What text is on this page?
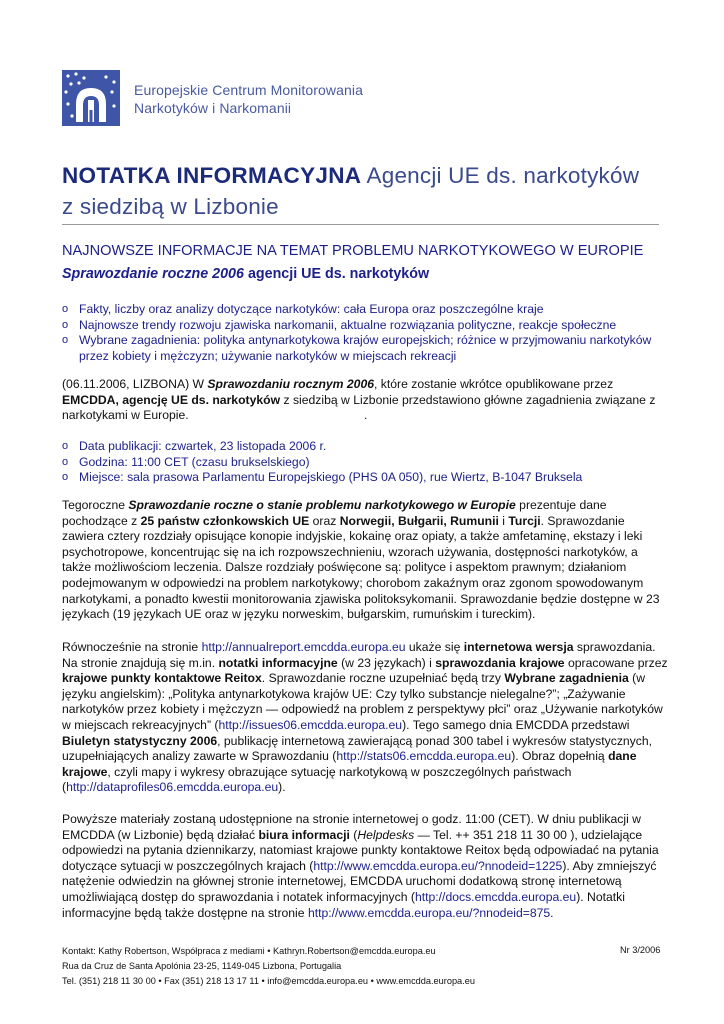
Europejskie Centrum Monitorowania
Narkotyków i Narkomanii
NOTATKA INFORMACYJNA Agencji UE ds. narkotyków
z siedzibą w Lizbonie
NAJNOWSZE INFORMACJE NA TEMAT PROBLEMU NARKOTYKOWEGO W EUROPIE
Sprawozdanie roczne 2006 agencji UE ds. narkotyków
o Fakty, liczby oraz analizy dotyczące narkotyków: cała Europa oraz poszczególne kraje
o Najnowsze trendy rozwoju zjawiska narkomanii, aktualne rozwiązania polityczne, reakcje społeczne
o Wybrane zagadnienia: polityka antynarkotykowa krajów europejskich; różnice w przyjmowaniu narkotyków przez kobiety i mężczyzn; używanie narkotyków w miejscach rekreacji
(06.11.2006, LIZBONA) W Sprawozdaniu rocznym 2006, które zostanie wkrótce opublikowane przez EMCDDA, agencję UE ds. narkotyków z siedzibą w Lizbonie przedstawiono główne zagadnienia związane z narkotykami w Europie.	.
o Data publikacji: czwartek, 23 listopada 2006 r.
o Godzina: 11:00 CET (czasu brukselskiego)
o Miejsce: sala prasowa Parlamentu Europejskiego (PHS 0A 050), rue Wiertz, B-1047 Bruksela
Tegoroczne Sprawozdanie roczne o stanie problemu narkotykowego w Europie prezentuje dane pochodzące z 25 państw członkowskich UE oraz Norwegii, Bułgarii, Rumunii i Turcji. Sprawozdanie zawiera cztery rozdziały opisujące konopie indyjskie, kokainę oraz opiaty, a także amfetaminę, ekstazy i leki psychotropowe, koncentrując się na ich rozpowszechnieniu, wzorach używania, dostępności narkotyków, a także możliwościom leczenia. Dalsze rozdziały poświęcone są: polityce i aspektom prawnym; działaniom podejmowanym w odpowiedzi na problem narkotykowy; chorobom zakaźnym oraz zgonom spowodowanym narkotykami, a ponadto kwestii monitorowania zjawiska politoksykomanii. Sprawozdanie będzie dostępne w 23 językach (19 językach UE oraz w języku norweskim, bułgarskim, rumuńskim i tureckim).
Równocześnie na stronie http://annualreport.emcdda.europa.eu ukaże się internetowa wersja sprawozdania. Na stronie znajdują się m.in. notatki informacyjne (w 23 językach) i sprawozdania krajowe opracowane przez krajowe punkty kontaktowe Reitox. Sprawozdanie roczne uzupełniać będą trzy Wybrane zagadnienia (w języku angielskim): „Polityka antynarkotykowa krajów UE: Czy tylko substancje nielegalne?”; „Zażywanie narkotyków przez kobiety i mężczyzn — odpowiedź na problem z perspektywy płci” oraz „Używanie narkotyków w miejscach rekreacyjnych” (http://issues06.emcdda.europa.eu). Tego samego dnia EMCDDA przedstawi Biuletyn statystyczny 2006, publikację internetową zawierającą ponad 300 tabel i wykresów statystycznych, uzupełniających analizy zawarte w Sprawozdaniu (http://stats06.emcdda.europa.eu). Obraz dopełnią dane krajowe, czyli mapy i wykresy obrazujące sytuację narkotykową w poszczególnych państwach (http://dataprofiles06.emcdda.europa.eu).
Powyższe materiały zostaną udostępnione na stronie internetowej o godz. 11:00 (CET). W dniu publikacji w EMCDDA (w Lizbonie) będą działać biura informacji (Helpdesks — Tel. ++ 351 218 11 30 00 ), udzielające odpowiedzi na pytania dziennikarzy, natomiast krajowe punkty kontaktowe Reitox będą odpowiadać na pytania dotyczące sytuacji w poszczególnych krajach (http://www.emcdda.europa.eu/?nnodeid=1225). Aby zmniejszyć natężenie odwiedzin na głównej stronie internetowej, EMCDDA uruchomi dodatkową stronę internetową umożliwiającą dostęp do sprawozdania i notatek informacyjnych (http://docs.emcdda.europa.eu). Notatki informacyjne będą także dostępne na stronie http://www.emcdda.europa.eu/?nnodeid=875.
Kontakt: Kathy Robertson, Współpraca z mediami • Kathryn.Robertson@emcdda.europa.eu
Rua da Cruz de Santa Apolónia 23-25, 1149-045 Lizbona, Portugalia
Tel. (351) 218 11 30 00 • Fax (351) 218 13 17 11 • info@emcdda.europa.eu • www.emcdda.europa.eu
Nr 3/2006
